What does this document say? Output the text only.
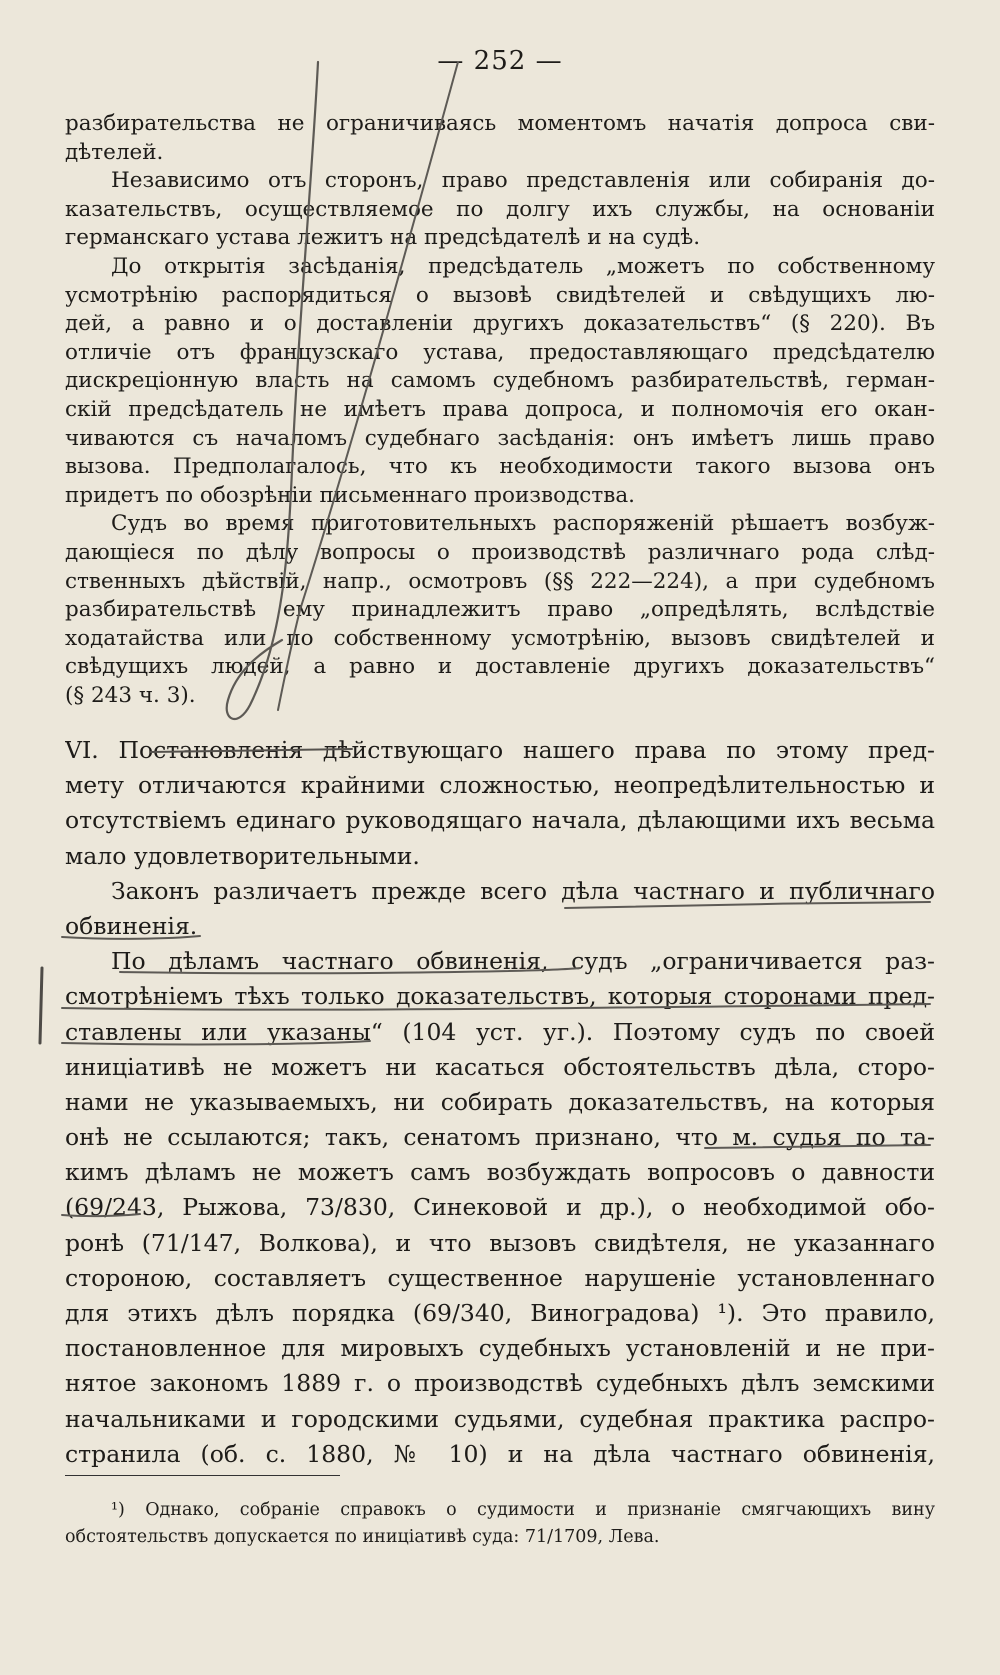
— 252 —
разбирательства не ограничиваясь моментомъ начатія допроса сви-
дѣтелей.
Независимо отъ сторонъ, право представленія или собиранія до-
казательствъ, осуществляемое по долгу ихъ службы, на основаніи
германскаго устава лежитъ на предсѣдателѣ и на судѣ.
До открытія засѣданія, предсѣдатель „можетъ по собственному
усмотрѣнію распорядиться о вызовѣ свидѣтелей и свѣдущихъ лю-
дей, а равно и о доставленіи другихъ доказательствъ“ (§ 220). Въ
отличіе отъ французскаго устава, предоставляющаго предсѣдателю
дискреціонную власть на самомъ судебномъ разбирательствѣ, герман-
скій предсѣдатель не имѣетъ права допроса, и полномочія его окан-
чиваются съ началомъ судебнаго засѣданія: онъ имѣетъ лишь право
вызова. Предполагалось, что къ необходимости такого вызова онъ
придетъ по обозрѣніи письменнаго производства.
Судъ во время приготовительныхъ распоряженій рѣшаетъ возбуж-
дающіеся по дѣлу вопросы о производствѣ различнаго рода слѣд-
ственныхъ дѣйствій, напр., осмотровъ (§§ 222—224), а при судебномъ
разбирательствѣ ему принадлежитъ право „опредѣлять, вслѣдствіе
ходатайства или по собственному усмотрѣнію, вызовъ свидѣтелей и
свѣдущихъ людей, а равно и доставленіе другихъ доказательствъ“
(§ 243 ч. 3).
VI. Постановленія дѣйствующаго нашего права по этому пред-
мету отличаются крайними сложностью, неопредѣлительностью и
отсутствіемъ единаго руководящаго начала, дѣлающими ихъ весьма
мало удовлетворительными.
Законъ различаетъ прежде всего дѣла частнаго и публичнаго
обвиненія.
По дѣламъ частнаго обвиненія, судъ „ограничивается раз-
смотрѣніемъ тѣхъ только доказательствъ, которыя сторонами пред-
ставлены или указаны“ (104 уст. уг.). Поэтому судъ по своей
иниціативѣ не можетъ ни касаться обстоятельствъ дѣла, сторо-
нами не указываемыхъ, ни собирать доказательствъ, на которыя
онѣ не ссылаются; такъ, сенатомъ признано, что м. судья по та-
кимъ дѣламъ не можетъ самъ возбуждать вопросовъ о давности
(69/243, Рыжова, 73/830, Синековой и др.), о необходимой обо-
ронѣ (71/147, Волкова), и что вызовъ свидѣтеля, не указаннаго
стороною, составляетъ существенное нарушеніе установленнаго
для этихъ дѣлъ порядка (69/340, Виноградова) ¹). Это правило,
постановленное для мировыхъ судебныхъ установленій и не при-
нятое закономъ 1889 г. о производствѣ судебныхъ дѣлъ земскими
начальниками и городскими судьями, судебная практика распро-
странила (об. с. 1880, № 10) и на дѣла частнаго обвиненія,
¹) Однако, собраніе справокъ о судимости и признаніе смягчающихъ вину
обстоятельствъ допускается по иниціативѣ суда: 71/1709, Лева.
